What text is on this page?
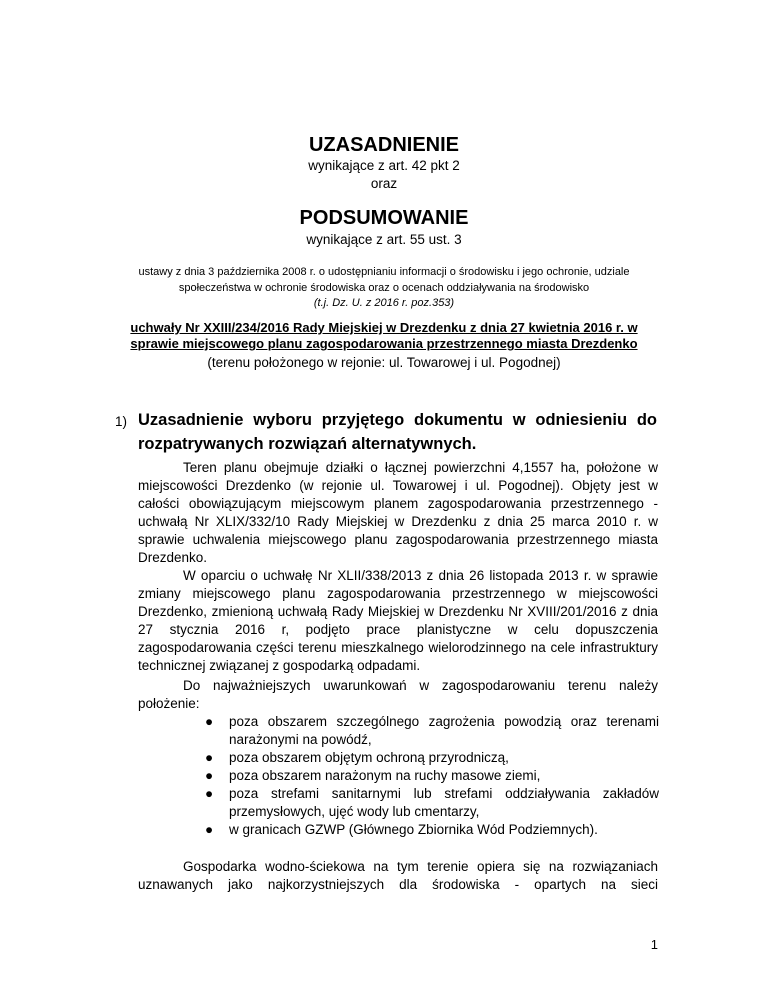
UZASADNIENIE
wynikające z art. 42 pkt 2
oraz
PODSUMOWANIE
wynikające z art. 55 ust. 3
ustawy z dnia 3 października 2008 r. o udostępnianiu informacji o środowisku i jego ochronie, udziale
społeczeństwa w ochronie środowiska oraz o ocenach oddziaływania na środowisko
(t.j. Dz. U. z 2016 r. poz.353)
uchwały Nr XXIII/234/2016 Rady Miejskiej w Drezdenku z dnia 27 kwietnia 2016 r. w
sprawie miejscowego planu zagospodarowania przestrzennego miasta Drezdenko
(terenu położonego w rejonie: ul. Towarowej i ul. Pogodnej)
1) Uzasadnienie wyboru przyjętego dokumentu w odniesieniu do
rozpatrywanych rozwiązań alternatywnych.
Teren planu obejmuje działki o łącznej powierzchni 4,1557 ha, położone w
miejscowości Drezdenko (w rejonie ul. Towarowej i ul. Pogodnej). Objęty jest w
całości obowiązującym miejscowym planem zagospodarowania przestrzennego -
uchwałą Nr XLIX/332/10 Rady Miejskiej w Drezdenku z dnia 25 marca 2010 r. w
sprawie uchwalenia miejscowego planu zagospodarowania przestrzennego miasta
Drezdenko.
W oparciu o uchwałę Nr XLII/338/2013 z dnia 26 listopada 2013 r. w sprawie
zmiany miejscowego planu zagospodarowania przestrzennego w miejscowości
Drezdenko, zmienioną uchwałą Rady Miejskiej w Drezdenku Nr XVIII/201/2016 z dnia
27 stycznia 2016 r, podjęto prace planistyczne w celu dopuszczenia
zagospodarowania części terenu mieszkalnego wielorodzinnego na cele infrastruktury
technicznej związanej z gospodarką odpadami.
Do najważniejszych uwarunkowań w zagospodarowaniu terenu należy
położenie:
● poza obszarem szczególnego zagrożenia powodzią oraz terenami
narażonymi na powódź,
● poza obszarem objętym ochroną przyrodniczą,
● poza obszarem narażonym na ruchy masowe ziemi,
● poza strefami sanitarnymi lub strefami oddziaływania zakładów
przemysłowych, ujęć wody lub cmentarzy,
● w granicach GZWP (Głównego Zbiornika Wód Podziemnych).
Gospodarka wodno-ściekowa na tym terenie opiera się na rozwiązaniach
uznawanych jako najkorzystniejszych dla środowiska - opartych na sieci
1
